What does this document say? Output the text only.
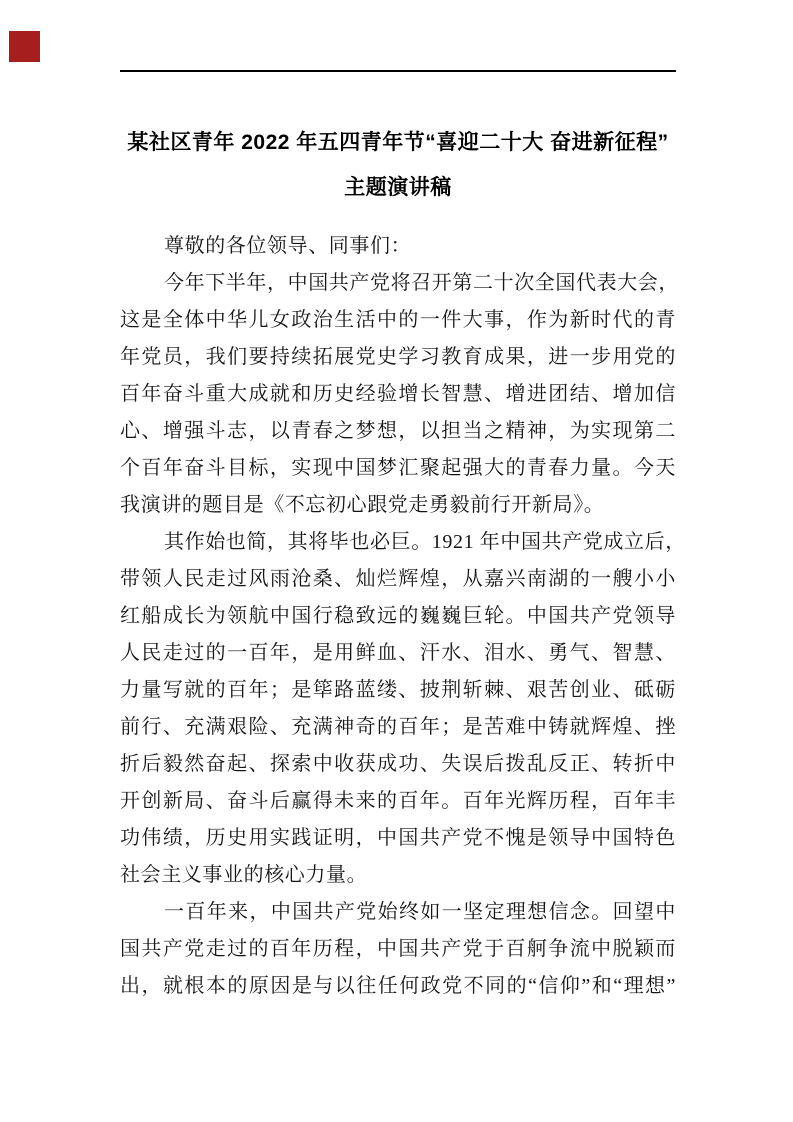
某社区青年 2022 年五四青年节“喜迎二十大 奋进新征程”
主题演讲稿
尊敬的各位领导、同事们：
今年下半年，中国共产党将召开第二十次全国代表大会，
这是全体中华儿女政治生活中的一件大事，作为新时代的青
年党员，我们要持续拓展党史学习教育成果，进一步用党的
百年奋斗重大成就和历史经验增长智慧、增进团结、增加信
心、增强斗志，以青春之梦想，以担当之精神，为实现第二
个百年奋斗目标，实现中国梦汇聚起强大的青春力量。今天
我演讲的题目是《不忘初心跟党走勇毅前行开新局》。
其作始也简，其将毕也必巨。1921 年中国共产党成立后，
带领人民走过风雨沧桑、灿烂辉煌，从嘉兴南湖的一艘小小
红船成长为领航中国行稳致远的巍巍巨轮。中国共产党领导
人民走过的一百年，是用鲜血、汗水、泪水、勇气、智慧、
力量写就的百年；是筚路蓝缕、披荆斩棘、艰苦创业、砥砺
前行、充满艰险、充满神奇的百年；是苦难中铸就辉煌、挫
折后毅然奋起、探索中收获成功、失误后拨乱反正、转折中
开创新局、奋斗后赢得未来的百年。百年光辉历程，百年丰
功伟绩，历史用实践证明，中国共产党不愧是领导中国特色
社会主义事业的核心力量。
一百年来，中国共产党始终如一坚定理想信念。回望中
国共产党走过的百年历程，中国共产党于百舸争流中脱颖而
出，就根本的原因是与以往任何政党不同的“信仰”和“理想”
